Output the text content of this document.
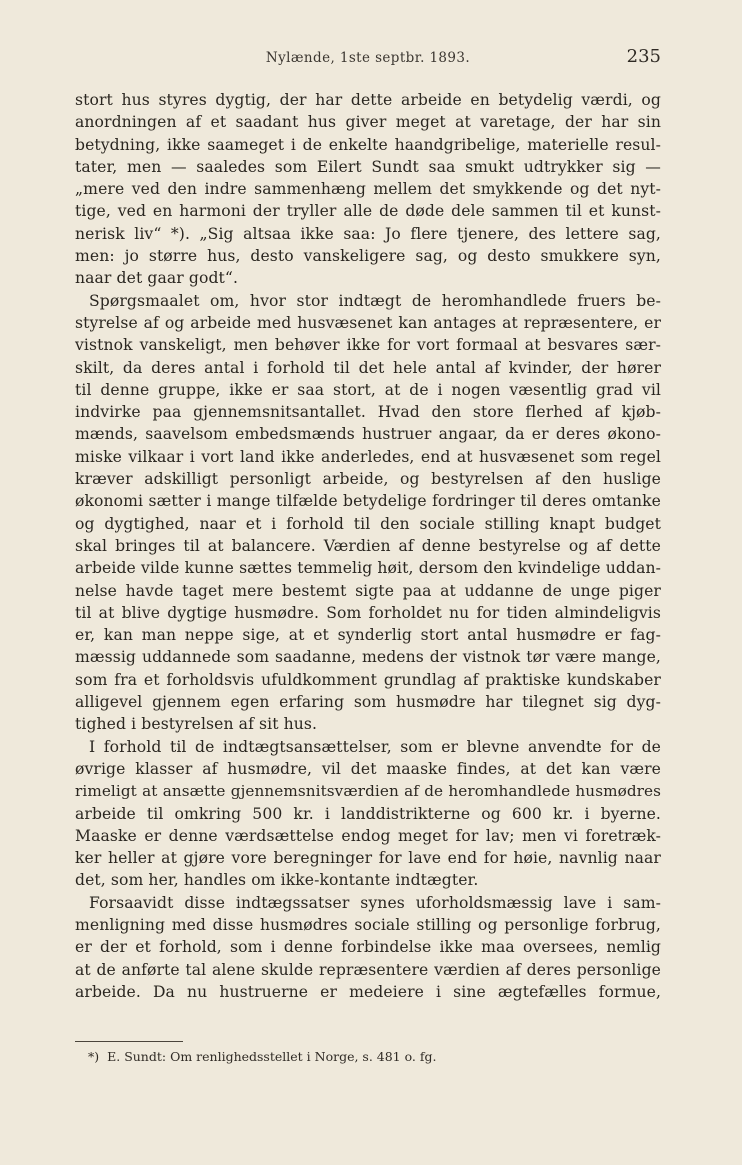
Nylænde, 1ste septbr. 1893.	235
stort hus styres dygtig, der har dette arbeide en betydelig værdi, og
anordningen af et saadant hus giver meget at varetage, der har sin
betydning, ikke saameget i de enkelte haandgribelige, materielle resul-
tater, men — saaledes som Eilert Sundt saa smukt udtrykker sig —
„mere ved den indre sammenhæng mellem det smykkende og det nyt-
tige, ved en harmoni der tryller alle de døde dele sammen til et kunst-
nerisk liv“ *). „Sig altsaa ikke saa: Jo flere tjenere, des lettere sag,
men: jo større hus, desto vanskeligere sag, og desto smukkere syn,
naar det gaar godt“.
Spørgsmaalet om, hvor stor indtægt de heromhandlede fruers be-
styrelse af og arbeide med husvæsenet kan antages at repræsentere, er
vistnok vanskeligt, men behøver ikke for vort formaal at besvares sær-
skilt, da deres antal i forhold til det hele antal af kvinder, der hører
til denne gruppe, ikke er saa stort, at de i nogen væsentlig grad vil
indvirke paa gjennemsnitsantallet. Hvad den store flerhed af kjøb-
mænds, saavelsom embedsmænds hustruer angaar, da er deres økono-
miske vilkaar i vort land ikke anderledes, end at husvæsenet som regel
kræver adskilligt personligt arbeide, og bestyrelsen af den huslige
økonomi sætter i mange tilfælde betydelige fordringer til deres omtanke
og dygtighed, naar et i forhold til den sociale stilling knapt budget
skal bringes til at balancere. Værdien af denne bestyrelse og af dette
arbeide vilde kunne sættes temmelig høit, dersom den kvindelige uddan-
nelse havde taget mere bestemt sigte paa at uddanne de unge piger
til at blive dygtige husmødre. Som forholdet nu for tiden almindeligvis
er, kan man neppe sige, at et synderlig stort antal husmødre er fag-
mæssig uddannede som saadanne, medens der vistnok tør være mange,
som fra et forholdsvis ufuldkomment grundlag af praktiske kundskaber
alligevel gjennem egen erfaring som husmødre har tilegnet sig dyg-
tighed i bestyrelsen af sit hus.
I forhold til de indtægtsansættelser, som er blevne anvendte for de
øvrige klasser af husmødre, vil det maaske findes, at det kan være
rimeligt at ansætte gjennemsnitsværdien af de heromhandlede husmødres
arbeide til omkring 500 kr. i landdistrikterne og 600 kr. i byerne.
Maaske er denne værdsættelse endog meget for lav; men vi foretræk-
ker heller at gjøre vore beregninger for lave end for høie, navnlig naar
det, som her, handles om ikke-kontante indtægter.
Forsaavidt disse indtægssatser synes uforholdsmæssig lave i sam-
menligning med disse husmødres sociale stilling og personlige forbrug,
er der et forhold, som i denne forbindelse ikke maa oversees, nemlig
at de anførte tal alene skulde repræsentere værdien af deres personlige
arbeide. Da nu hustruerne er medeiere i sine ægtefælles formue,
*) E. Sundt: Om renlighedsstellet i Norge, s. 481 o. fg.
